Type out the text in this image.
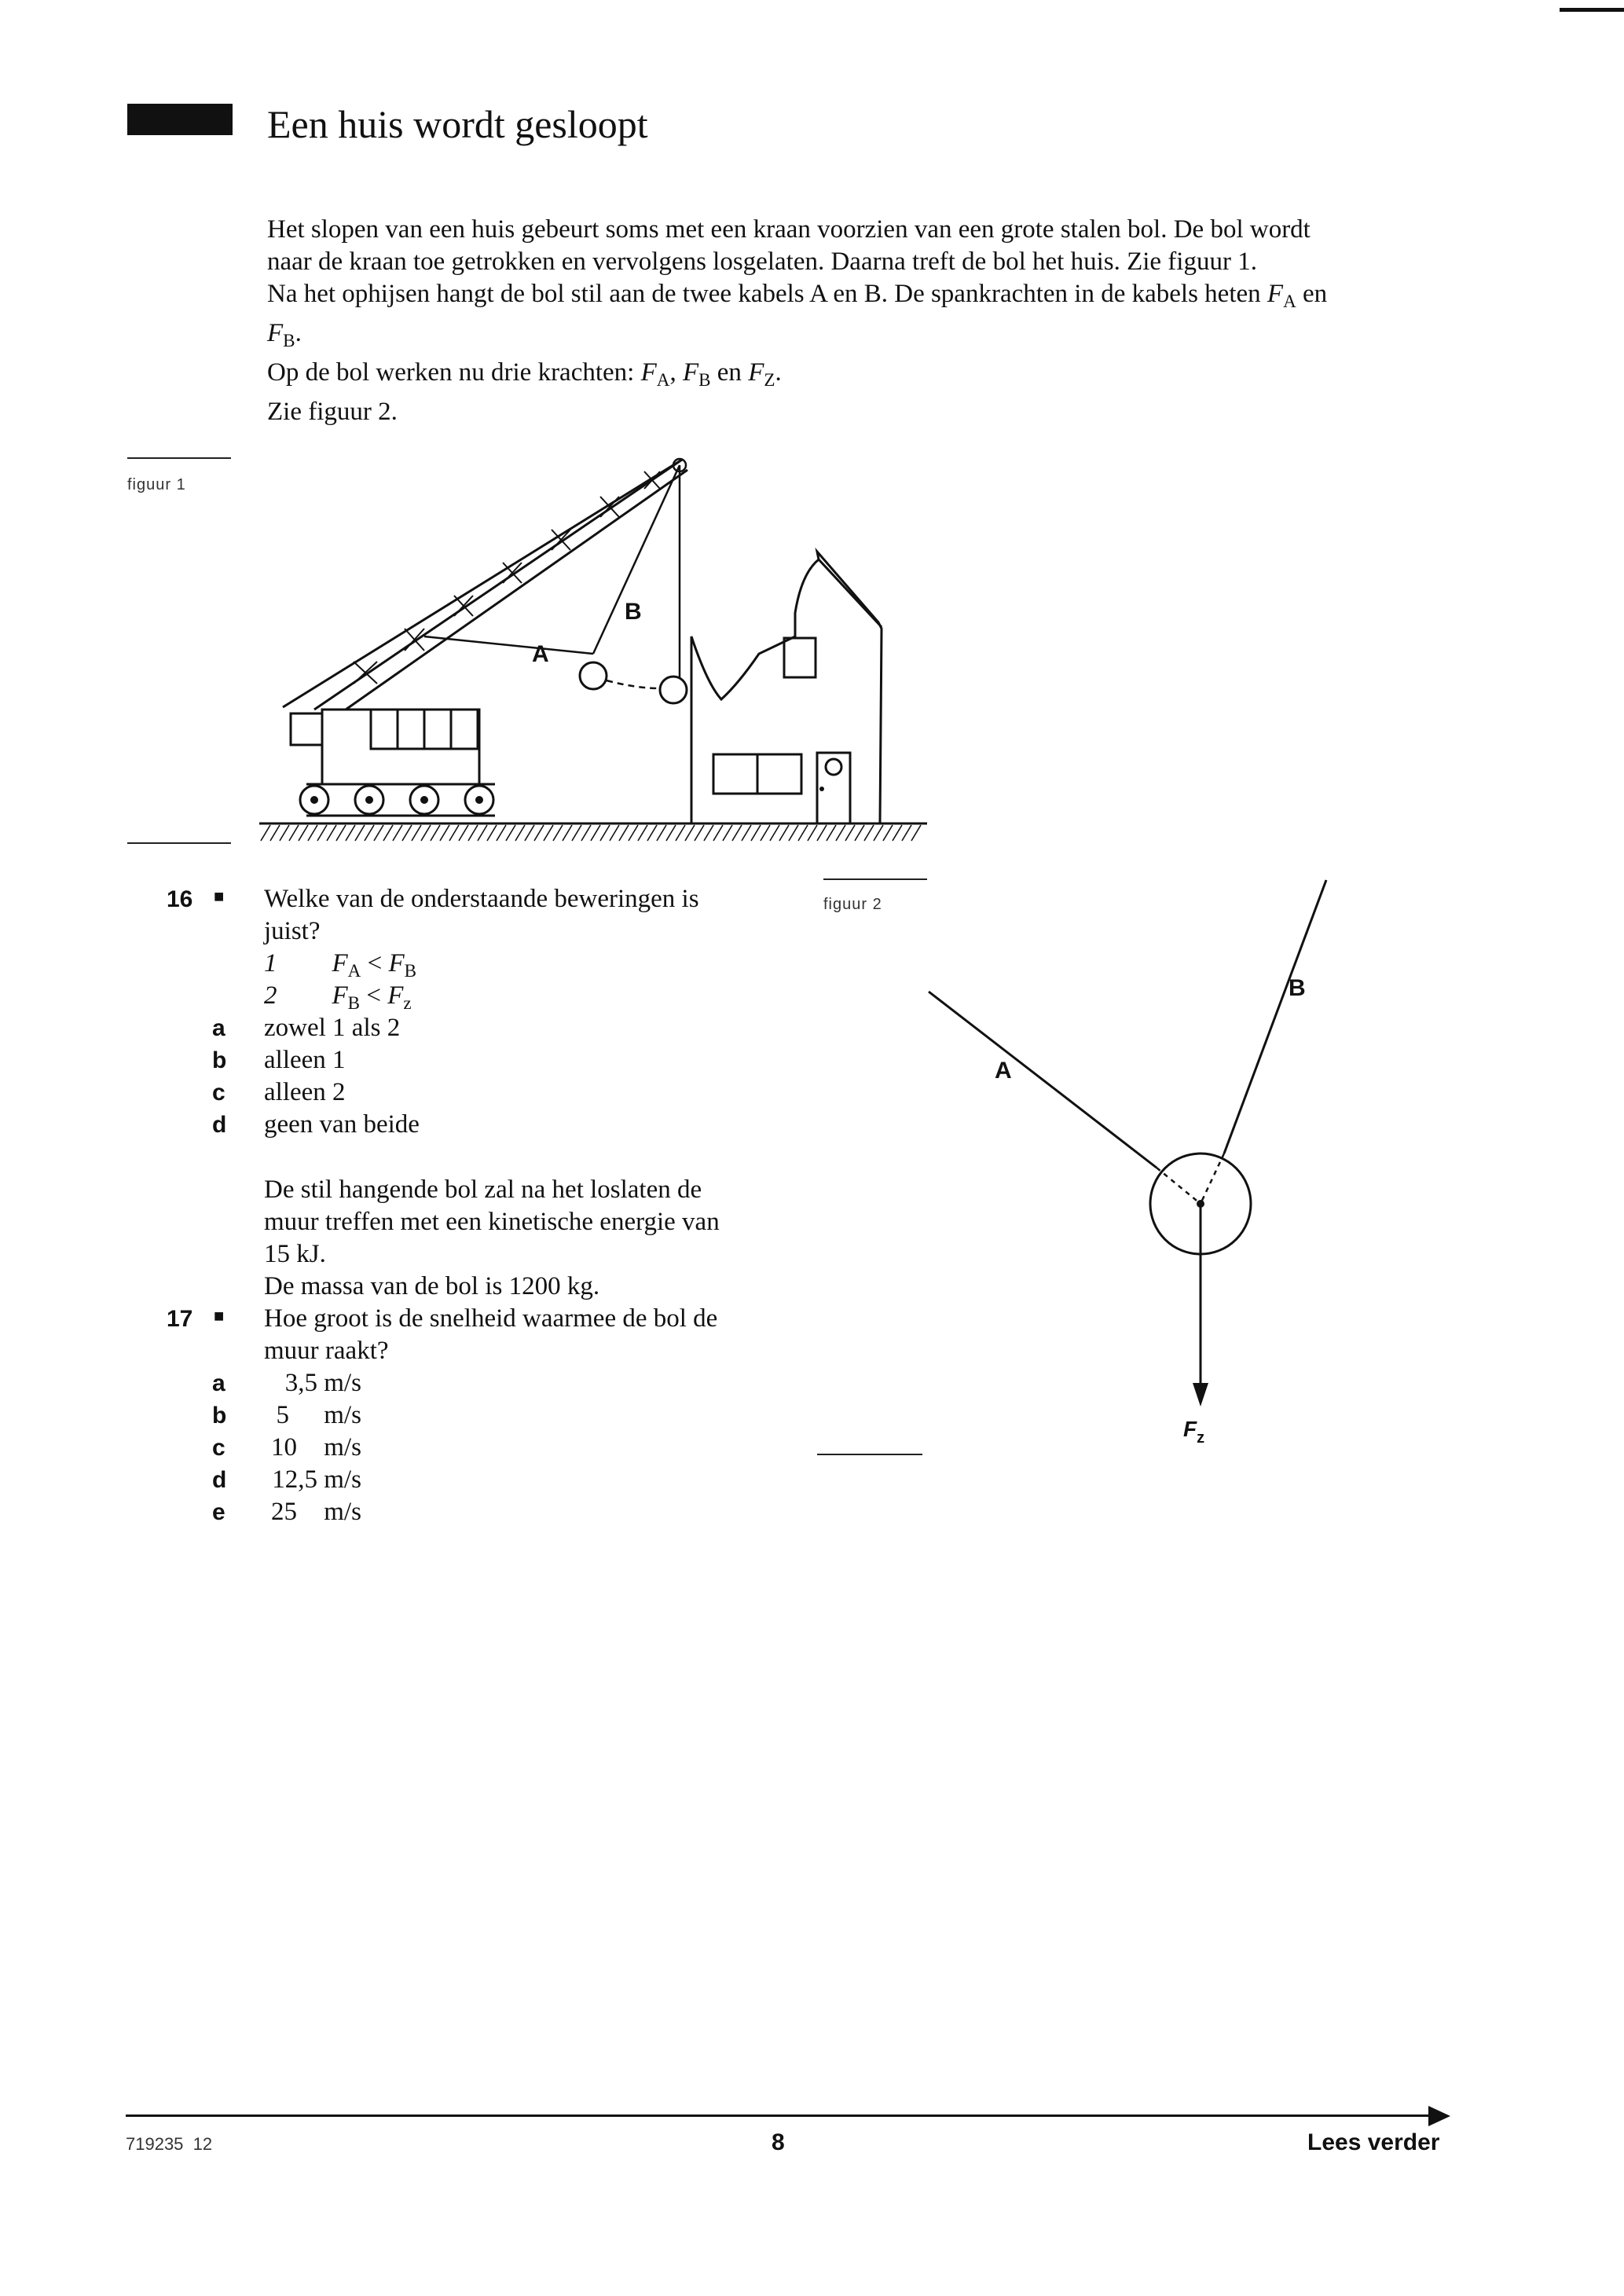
Een huis wordt gesloopt

Het slopen van een huis gebeurt soms met een kraan voorzien van een grote stalen bol. De bol wordt naar de kraan toe getrokken en vervolgens losgelaten. Daarna treft de bol het huis. Zie figuur 1.

Na het ophijsen hangt de bol stil aan de twee kabels A en B. De spankrachten in de kabels heten $F_A$ en $F_B$.

Op de bol werken nu drie krachten: $F_A$, $F_B$ en $F_Z$.

Zie figuur 2.

figuur 1
A
B
16 ■ Welke van de onderstaande beweringen is
juist?
1 $F_A < F_B$
2 $F_B < F_z$
a zowel 1 als 2
b alleen 1
c alleen 2
d geen van beide
De stil hangende bol zal na het loslaten de
muur treffen met een kinetische energie van
15 kJ.
De massa van de bol is 1200 kg.
17 ■ Hoe groot is de snelheid waarmee de bol de
muur raakt?
a	3,5 m/s
b	5 m/s
c 10 m/s
d	12,5 m/s
e 25 m/s
figuur 2
A
B
$F_z$
719235  12	8	Lees verder
